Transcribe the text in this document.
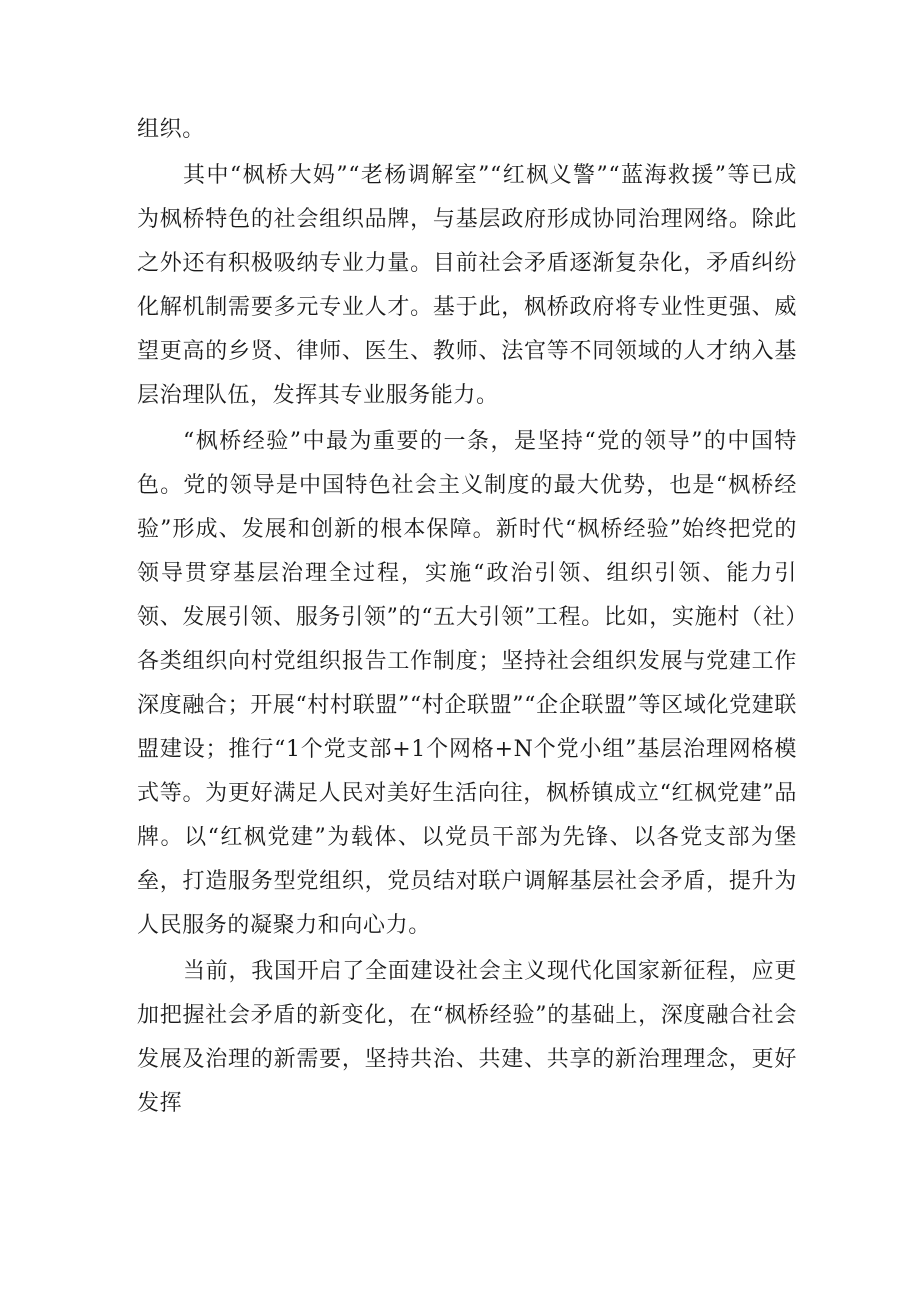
组织。

其中“枫桥大妈”“老杨调解室”“红枫义警”“蓝海救援”等已成为枫桥特色的社会组织品牌，与基层政府形成协同治理网络。除此之外还有积极吸纳专业力量。目前社会矛盾逐渐复杂化，矛盾纠纷化解机制需要多元专业人才。基于此，枫桥政府将专业性更强、威望更高的乡贤、律师、医生、教师、法官等不同领域的人才纳入基层治理队伍，发挥其专业服务能力。

“枫桥经验”中最为重要的一条，是坚持“党的领导”的中国特色。党的领导是中国特色社会主义制度的最大优势，也是“枫桥经验”形成、发展和创新的根本保障。新时代“枫桥经验”始终把党的领导贯穿基层治理全过程，实施“政治引领、组织引领、能力引领、发展引领、服务引领”的“五大引领”工程。比如，实施村（社）各类组织向村党组织报告工作制度；坚持社会组织发展与党建工作深度融合；开展“村村联盟”“村企联盟”“企企联盟”等区域化党建联盟建设；推行“1个党支部+1个网格+N个党小组”基层治理网格模式等。为更好满足人民对美好生活向往，枫桥镇成立“红枫党建”品牌。以“红枫党建”为载体、以党员干部为先锋、以各党支部为堡垒，打造服务型党组织，党员结对联户调解基层社会矛盾，提升为人民服务的凝聚力和向心力。

当前，我国开启了全面建设社会主义现代化国家新征程，应更加把握社会矛盾的新变化，在“枫桥经验”的基础上，深度融合社会发展及治理的新需要，坚持共治、共建、共享的新治理理念，更好发挥
